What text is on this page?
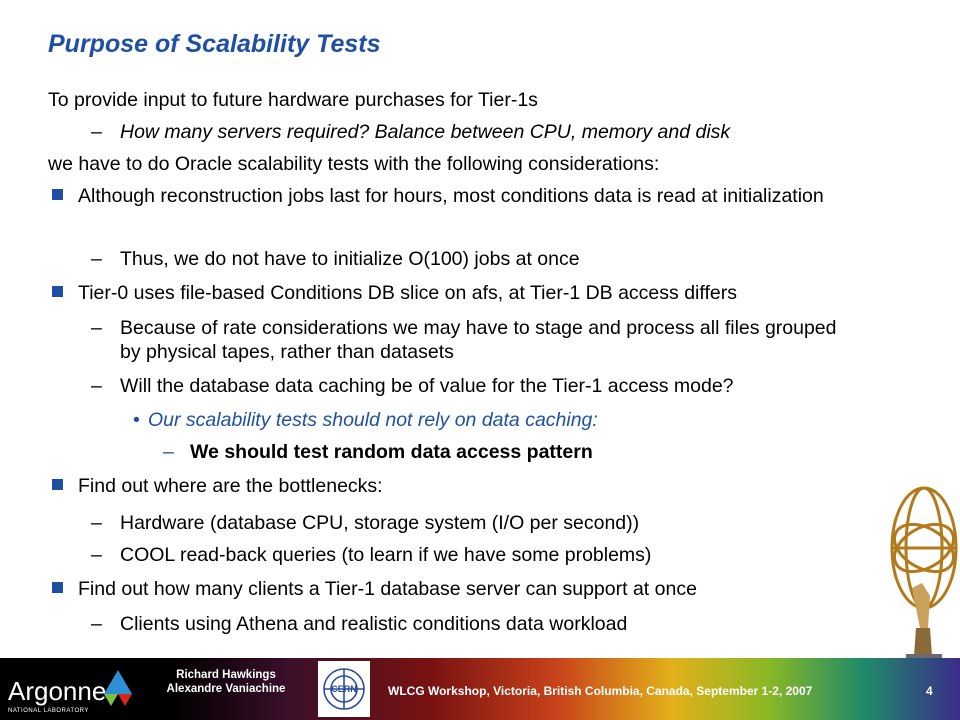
Purpose of Scalability Tests
To provide input to future hardware purchases for Tier-1s
– How many servers required? Balance between CPU, memory and disk
we have to do Oracle scalability tests with the following considerations:
Although reconstruction jobs last for hours, most conditions data is read at initialization
– Thus, we do not have to initialize O(100) jobs at once
Tier-0 uses file-based Conditions DB slice on afs, at Tier-1 DB access differs
– Because of rate considerations we may have to stage and process all files grouped by physical tapes, rather than datasets
– Will the database data caching be of value for the Tier-1 access mode?
• Our scalability tests should not rely on data caching:
– We should test random data access pattern
Find out where are the bottlenecks:
– Hardware (database CPU, storage system (I/O per second))
– COOL read-back queries (to learn if we have some problems)
Find out how many clients a Tier-1 database server can support at once
– Clients using Athena and realistic conditions data workload
Argonne
NATIONAL LABORATORY
Richard Hawkings
Alexandre Vaniachine	CERN	WLCG Workshop, Victoria, British Columbia, Canada, September 1-2, 2007	4
